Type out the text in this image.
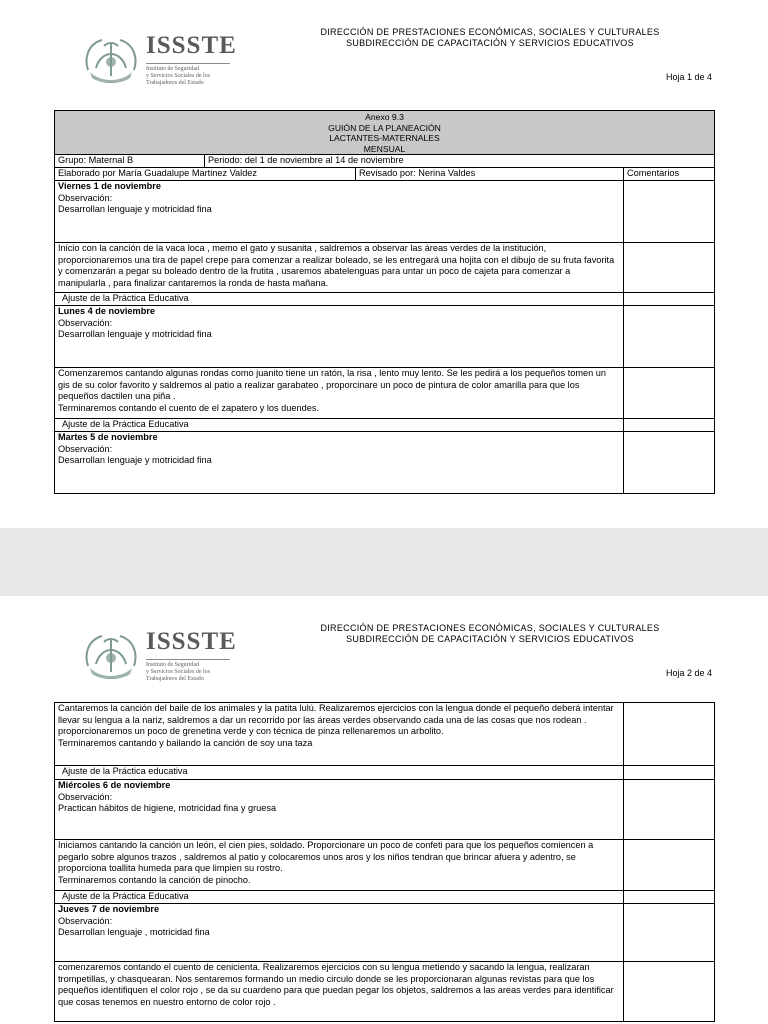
ISSSTE
Instituto de Seguridad
y Servicios Sociales de los
Trabajadores del Estado
DIRECCIÓN DE PRESTACIONES ECONÓMICAS, SOCIALES Y CULTURALES
SUBDIRECCIÓN DE CAPACITACIÓN Y SERVICIOS EDUCATIVOS
Hoja 1 de 4
Anexo 9.3
GUIÓN DE LA PLANEACIÓN
LACTANTES-MATERNALES
MENSUAL			

Grupo: Maternal B	Periodo: del 1 de noviembre al 14 de noviembre		
Elaborado por María Guadalupe Martinez Valdez		Revisado por: Nerina Valdes	Comentarios

Viernes 1 de noviembre
Observación:
Desarrollan lenguaje y motricidad fina			

Inicio con la canción de la vaca loca , memo el gato y susanita , saldremos a observar las áreas verdes de la institución, proporcionaremos una tira de papel crepe para comenzar a realizar boleado, se les entregará una hojita con el dibujo de su fruta favorita y comenzarán a pegar su boleado dentro de la frutita , usaremos abatelenguas para untar un poco de cajeta para comenzar a manipularla , para finalizar cantaremos la ronda de hasta mañana.			
Ajuste de la Práctica Educativa			

Lunes 4 de noviembre
Observación:
Desarrollan lenguaje y motricidad fina			

Comenzaremos cantando algunas rondas como juanito tiene un ratón, la risa , lento muy lento. Se les pedirá a los pequeños tomen un gis de su color favorito y saldremos al patio a realizar garabateo , proporcinare un poco de pintura de color amarilla para que los pequeños dactilen una piña .
Terminaremos contando el cuento de el zapatero y los duendes.			

Ajuste de la Práctica Educativa			

Martes 5 de noviembre
Observación:
Desarrollan lenguaje y motricidad fina			

ISSSTE
Instituto de Seguridad
y Servicios Sociales de los
Trabajadores del Estado
DIRECCIÓN DE PRESTACIONES ECONÓMICAS, SOCIALES Y CULTURALES
SUBDIRECCIÓN DE CAPACITACIÓN Y SERVICIOS EDUCATIVOS
Hoja 2 de 4
Cantaremos la canción del baile de los animales y la patita lulú. Realizaremos ejercicios con la lengua donde el pequeño deberá intentar llevar su lengua a la nariz, saldremos a dar un recorrido por las áreas verdes observando cada una de las cosas que nos rodean . proporcionaremos un poco de grenetina verde y con técnica de pinza rellenaremos un arbolito.
Terminaremos cantando y bailando la canción de soy una taza	

Ajuste de la Práctica educativa	

Miércoles 6 de noviembre
Observación:
Practican hábitos de higiene, motricidad fina y gruesa	

Iniciamos cantando la canción un león, el cien pies, soldado. Proporcionare un poco de confeti para que los pequeños comiencen a pegarlo sobre algunos trazos , saldremos al patio y colocaremos unos aros y los niños tendran que brincar afuera y adentro, se proporciona toallita humeda para que limpien su rostro.
Terminaremos contando la canción de pinocho.	

Ajuste de la Práctica Educativa	

Jueves 7 de noviembre
Observación:
Desarrollan lenguaje , motricidad fina	

comenzaremos contando el cuento de cenicienta. Realizaremos ejercicios con su lengua metiendo y sacando la lengua, realizaran trompetillas, y chasquearan. Nos sentaremos formando un medio circulo donde se les proporcionaran algunas revistas para que los pequeños identifiquen el color rojo , se da su cuardeno para que puedan pegar los objetos, saldremos a las areas verdes para identificar que cosas tenemos en nuestro entorno de color rojo .	
